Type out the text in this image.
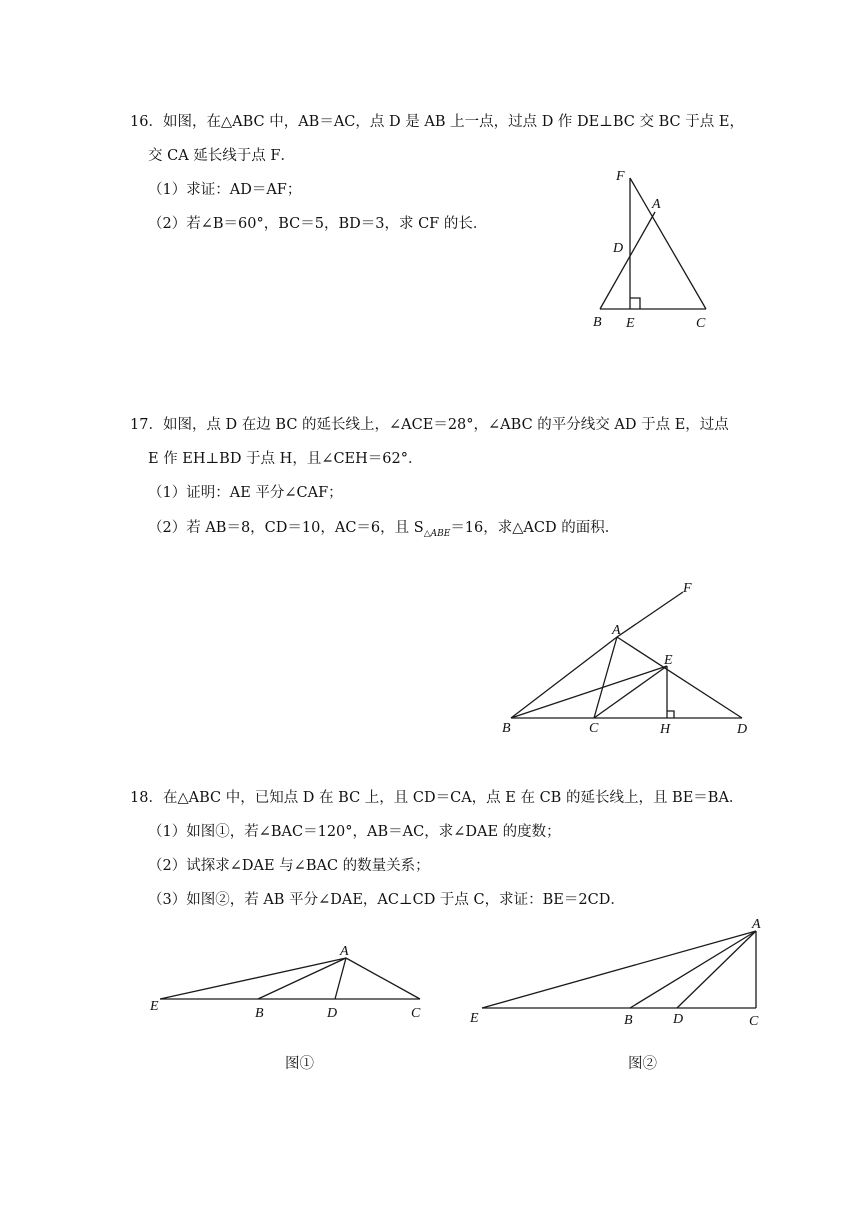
16．如图，在△ABC 中，AB＝AC，点 D 是 AB 上一点，过点 D 作 DE⊥BC 交 BC 于点 E，
交 CA 延长线于点 F．
（1）求证：AD＝AF；
（2）若∠B＝60°，BC＝5，BD＝3，求 CF 的长．
F
A
D
B E	C
17．如图，点 D 在边 BC 的延长线上，∠ACE＝28°，∠ABC 的平分线交 AD 于点 E，过点
E 作 EH⊥BD 于点 H，且∠CEH＝62°．
（1）证明：AE 平分∠CAF；
（2）若 AB＝8，CD＝10，AC＝6，且 $S_{\triangle ABE}=16$，求△ACD 的面积．
F
A
E
B	C	H	D
18．在△ABC 中，已知点 D 在 BC 上，且 CD＝CA，点 E 在 CB 的延长线上，且 BE＝BA．
（1）如图①，若∠BAC＝120°，AB＝AC，求∠DAE 的度数；
（2）试探求∠DAE 与∠BAC 的数量关系；
（3）如图②，若 AB 平分∠DAE，AC⊥CD 于点 C，求证：BE＝2CD．
A
E	B	D	C
图①
A
E	B	D	C
图②
